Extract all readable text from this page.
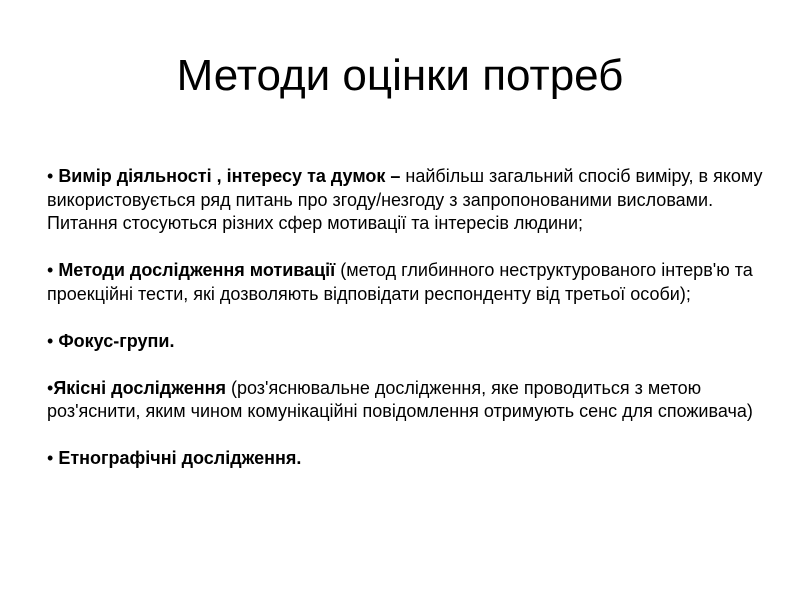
Методи оцінки потреб

• Вимір діяльності , інтересу та думок – найбільш загальний спосіб виміру, в якому використовується ряд питань про згоду/незгоду з запропонованими висловами. Питання стосуються різних сфер мотивації та інтересів людини;

• Методи дослідження мотивації (метод глибинного неструктурованого інтерв'ю та проекційні тести, які дозволяють відповідати респонденту від третьої особи);

• Фокус-групи.

•Якісні дослідження (роз'яснювальне дослідження, яке проводиться з метою роз'яснити, яким чином комунікаційні повідомлення отримують сенс для споживача)

• Етнографічні дослідження.
